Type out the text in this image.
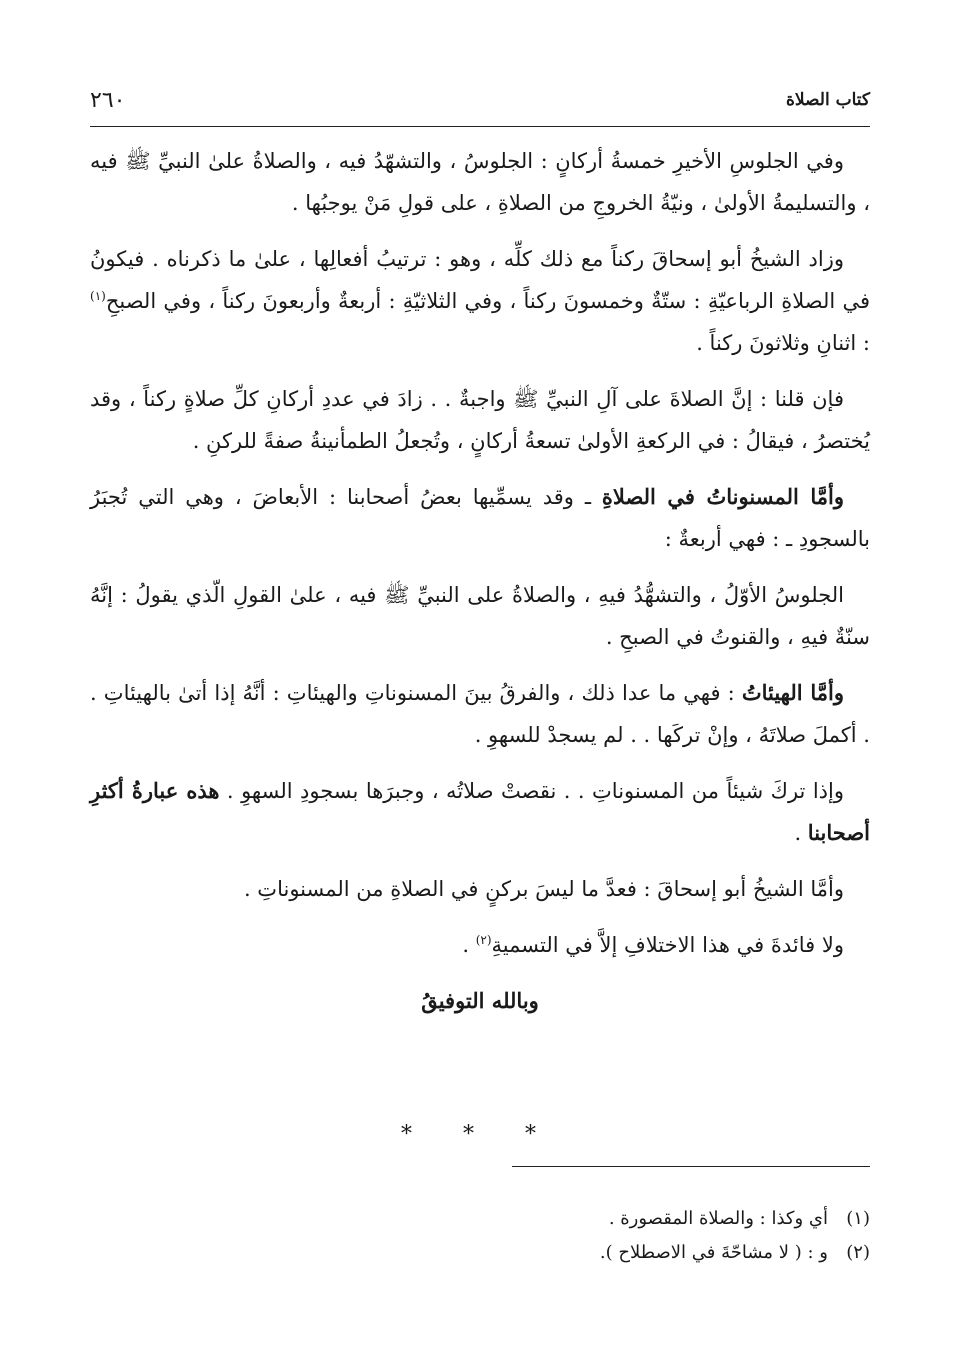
كتاب الصلاة
٢٦٠

وفي الجلوسِ الأخيرِ خمسةُ أركانٍ : الجلوسُ ، والتشهّدُ فيه ، والصلاةُ علىٰ النبيِّ ﷺ فيه ، والتسليمةُ الأولىٰ ، ونيّةُ الخروجِ من الصلاةِ ، على قولِ مَنْ يوجبُها .

وزاد الشيخُ أبو إسحاقَ ركناً مع ذلك كلِّه ، وهو : ترتيبُ أفعالِها ، علىٰ ما ذكرناه . فيكونُ في الصلاةِ الرباعيّةِ : ستّةٌ وخمسونَ ركناً ، وفي الثلاثيّةِ : أربعةٌ وأربعونَ ركناً ، وفي الصبحِ$^{(١)}$ : اثنانِ وثلاثونَ ركناً .

فإن قلنا : إنَّ الصلاةَ على آلِ النبيِّ ﷺ واجبةٌ . . زادَ في عددِ أركانِ كلِّ صلاةٍ ركناً ، وقد يُختصرُ ، فيقالُ : في الركعةِ الأولىٰ تسعةُ أركانٍ ، وتُجعلُ الطمأنينةُ صفةً للركنِ .

وأمَّا المسنوناتُ في الصلاةِ ـ وقد يسمِّيها بعضُ أصحابنا : الأبعاضَ ، وهي التي تُجبَرُ بالسجودِ ـ : فهي أربعةٌ :

الجلوسُ الأوّلُ ، والتشهُّدُ فيهِ ، والصلاةُ على النبيِّ ﷺ فيه ، علىٰ القولِ الّذي يقولُ : إنَّهُ سنّةٌ فيهِ ، والقنوتُ في الصبحِ .

وأمَّا الهيئاتُ : فهي ما عدا ذلك ، والفرقُ بينَ المسنوناتِ والهيئاتِ : أنَّهُ إذا أتىٰ بالهيئاتِ . . أكملَ صلاتَهُ ، وإنْ تركَها . . لم يسجدْ للسهوِ .

وإذا تركَ شيئاً من المسنوناتِ . . نقصتْ صلاتُه ، وجبرَها بسجودِ السهوِ . هذه عبارةُ أكثرِ أصحابنا .

وأمَّا الشيخُ أبو إسحاقَ : فعدَّ ما ليسَ بركنٍ في الصلاةِ من المسنوناتِ .

ولا فائدةَ في هذا الاختلافِ إلاَّ في التسميةِ$^{(٢)}$ .

وبالله التوفيقُ

* * *
(١)أي وكذا : والصلاة المقصورة .
(٢)و : ( لا مشاحّةَ في الاصطلاح ).
